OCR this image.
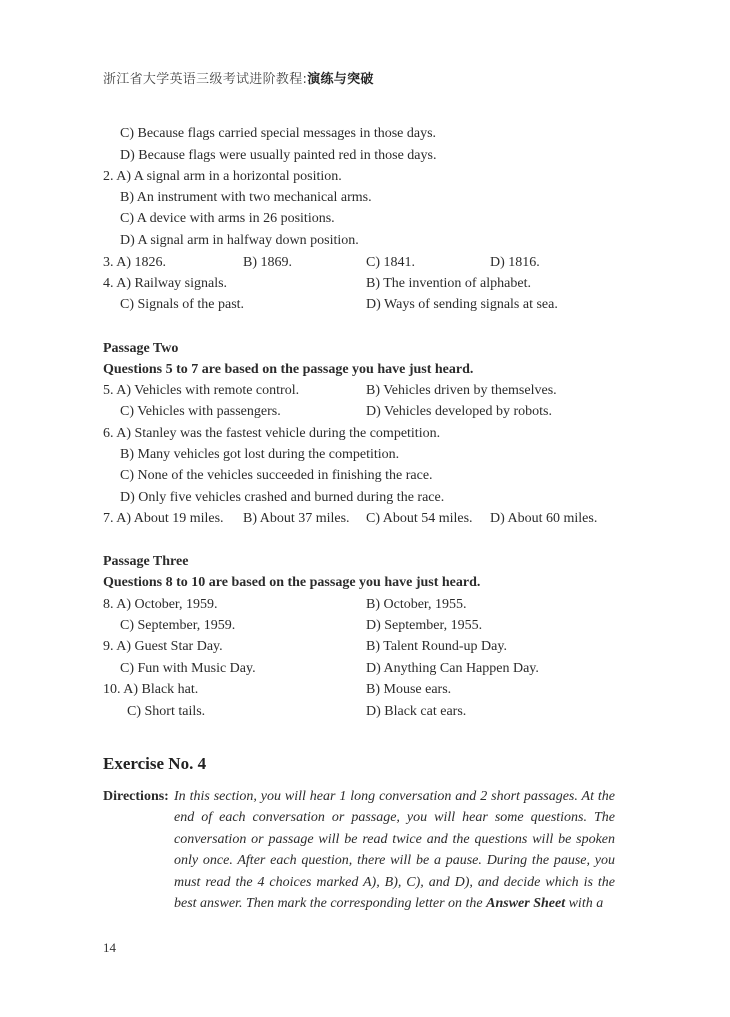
浙江省大学英语三级考试进阶教程:演练与突破
C) Because flags carried special messages in those days.
D) Because flags were usually painted red in those days.
2. A) A signal arm in a horizontal position.
B) An instrument with two mechanical arms.
C) A device with arms in 26 positions.
D) A signal arm in halfway down position.
3. A) 1826.	B) 1869.	C) 1841.	D) 1816.
4. A) Railway signals.	B) The invention of alphabet.
C) Signals of the past.	D) Ways of sending signals at sea.
Passage Two
Questions 5 to 7 are based on the passage you have just heard.
5. A) Vehicles with remote control.	B) Vehicles driven by themselves.
C) Vehicles with passengers.	D) Vehicles developed by robots.
6. A) Stanley was the fastest vehicle during the competition.
B) Many vehicles got lost during the competition.
C) None of the vehicles succeeded in finishing the race.
D) Only five vehicles crashed and burned during the race.
7. A) About 19 miles. B) About 37 miles. C) About 54 miles. D) About 60 miles.
Passage Three
Questions 8 to 10 are based on the passage you have just heard.
8. A) October, 1959.	B) October, 1955.
C) September, 1959.	D) September, 1955.
9. A) Guest Star Day.	B) Talent Round-up Day.
C) Fun with Music Day.	D) Anything Can Happen Day.
10. A) Black hat.	B) Mouse ears.
C) Short tails.	D) Black cat ears.
Exercise No. 4
Directions: In this section, you will hear 1 long conversation and 2 short passages. At the end of each conversation or passage, you will hear some questions. The conversation or passage will be read twice and the questions will be spoken only once. After each question, there will be a pause. During the pause, you must read the 4 choices marked A), B), C), and D), and decide which is the best answer. Then mark the corresponding letter on the Answer Sheet with a
14
